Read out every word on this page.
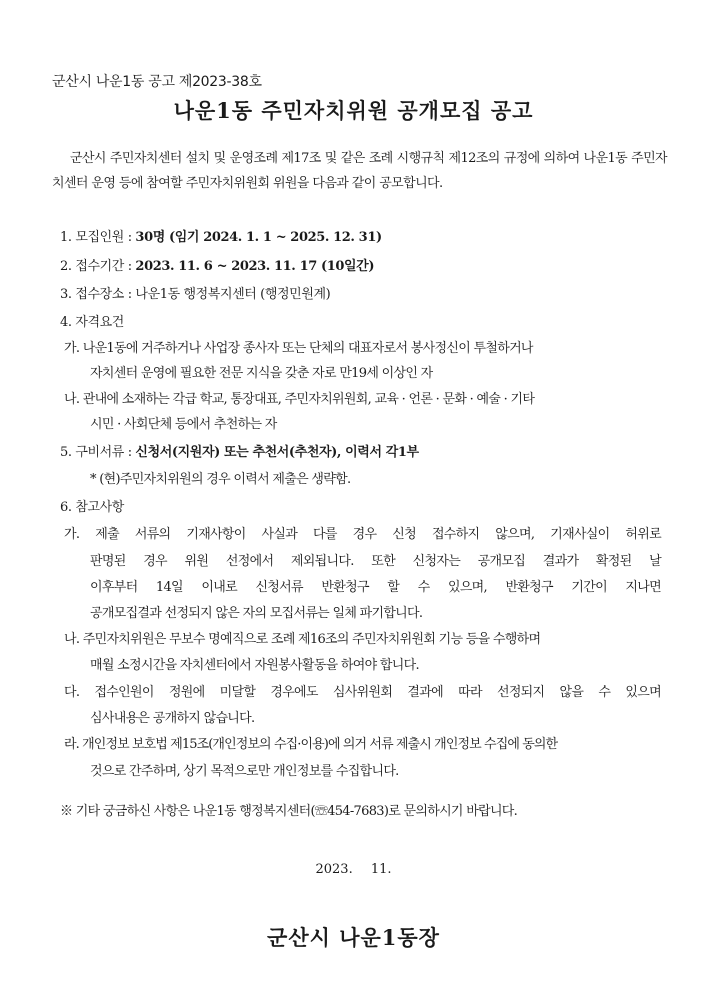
군산시 나운1동 공고 제2023-38호
나운1동 주민자치위원 공개모집 공고
군산시 주민자치센터 설치 및 운영조례 제17조 및 같은 조례 시행규칙 제12조의 규정에 의하여 나운1동 주민자치센터 운영 등에 참여할 주민자치위원회 위원을 다음과 같이 공모합니다.
1. 모집인원 : 30명 (임기 2024. 1. 1 ~ 2025. 12. 31)
2. 접수기간 : 2023. 11. 6 ~ 2023. 11. 17 (10일간)
3. 접수장소 : 나운1동 행정복지센터 (행정민원계)
4. 자격요건
가. 나운1동에 거주하거나 사업장 종사자 또는 단체의 대표자로서 봉사정신이 투철하거나
자치센터 운영에 필요한 전문 지식을 갖춘 자로 만19세 이상인 자
나. 관내에 소재하는 각급 학교, 통장대표, 주민자치위원회, 교육 · 언론 · 문화 · 예술 · 기타
시민 · 사회단체 등에서 추천하는 자
5. 구비서류 : 신청서(지원자) 또는 추천서(추천자), 이력서 각1부
* (현)주민자치위원의 경우 이력서 제출은 생략함.
6. 참고사항
가. 제출 서류의 기재사항이 사실과 다를 경우 신청 접수하지 않으며, 기재사실이 허위로
판명된 경우 위원 선정에서 제외됩니다. 또한 신청자는 공개모집 결과가 확정된 날
이후부터 14일 이내로 신청서류 반환청구 할 수 있으며, 반환청구 기간이 지나면
공개모집결과 선정되지 않은 자의 모집서류는 일체 파기합니다.
나. 주민자치위원은 무보수 명예직으로 조례 제16조의 주민자치위원회 기능 등을 수행하며
매월 소정시간을 자치센터에서 자원봉사활동을 하여야 합니다.
다. 접수인원이 정원에 미달할 경우에도 심사위원회 결과에 따라 선정되지 않을 수 있으며
심사내용은 공개하지 않습니다.
라. 개인정보 보호법 제15조(개인정보의 수집·이용)에 의거 서류 제출시 개인정보 수집에 동의한
것으로 간주하며, 상기 목적으로만 개인정보를 수집합니다.
※ 기타 궁금하신 사항은 나운1동 행정복지센터(☏454-7683)로 문의하시기 바랍니다.
2023. 11.
군산시 나운1동장
